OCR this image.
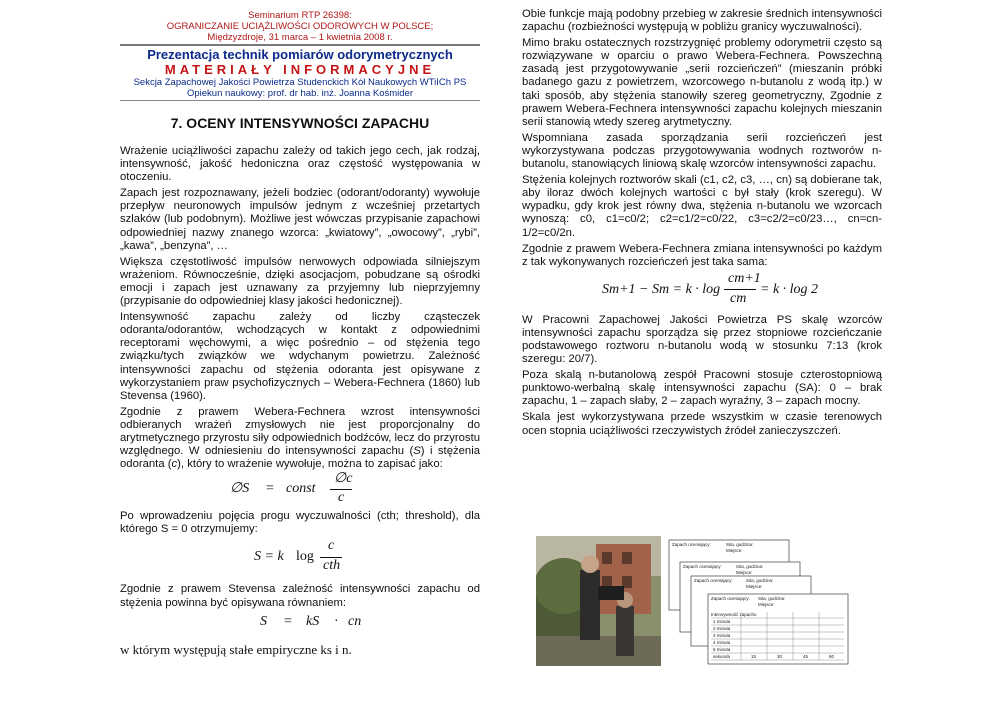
Seminarium RTP 26398:
OGRANICZANIE UCIĄŻLIWOŚCI ODOROWYCH W POLSCE;
Międzyzdroje, 31 marca – 1 kwietnia 2008 r.
Prezentacja technik pomiarów odorymetrycznych
MATERIAŁY INFORMACYJNE
Sekcja Zapachowej Jakości Powietrza Studenckich Kół Naukowych WTiICh PS
Opiekun naukowy: prof. dr hab. inż. Joanna Kośmider
7. OCENY INTENSYWNOŚCI ZAPACHU

Wrażenie uciążliwości zapachu zależy od takich jego cech, jak rodzaj, intensywność, jakość hedoniczna oraz częstość występowania w otoczeniu.

Zapach jest rozpoznawany, jeżeli bodziec (odorant/odoranty) wywołuje przepływ neuronowych impulsów jednym z wcześniej przetartych szlaków (lub podobnym). Możliwe jest wówczas przypisanie zapachowi odpowiedniej nazwy znanego wzorca: „kwiatowy”, „owocowy”, „rybi”, „kawa”, „benzyna”, …

Większa częstotliwość impulsów nerwowych odpowiada silniejszym wrażeniom. Równocześnie, dzięki asocjacjom, pobudzane są ośrodki emocji i zapach jest uznawany za przyjemny lub nieprzyjemny (przypisanie do odpowiedniej klasy jakości hedonicznej).

Intensywność zapachu zależy od liczby cząsteczek odoranta/odorantów, wchodzących w kontakt z odpowiednimi receptorami węchowymi, a więc pośrednio – od stężenia tego związku/tych związków we wdychanym powietrzu. Zależność intensywności zapachu od stężenia odoranta jest opisywane z wykorzystaniem praw psychofizycznych – Webera-Fechnera (1860) lub Stevensa (1960).

Zgodnie z prawem Webera-Fechnera wzrost intensywności odbieranych wrażeń zmysłowych nie jest proporcjonalny do arytmetycznego przyrostu siły odpowiednich bodźców, lecz do przyrostu względnego. W odniesieniu do intensywności zapachu (S) i stężenia odoranta (c), który to wrażenie wywołuje, można to zapisać jako:

∅S = const
∅c
c

Po wprowadzeniu pojęcia progu wyczuwalności (cth; threshold), dla którego S = 0 otrzymujemy:

S = k log
c
cth

Zgodnie z prawem Stevensa zależność intensywności zapachu od stężenia powinna być opisywana równaniem:

S = kS · cn
w którym występują stałe empiryczne ks i n.

Obie funkcje mają podobny przebieg w zakresie średnich intensywności zapachu (rozbieżności występują w pobliżu granicy wyczuwalności).

Mimo braku ostatecznych rozstrzygnięć problemy odorymetrii często są rozwiązywane w oparciu o prawo Webera-Fechnera. Powszechną zasadą jest przygotowywanie „serii rozcieńczeń” (mieszanin próbki badanego gazu z powietrzem, wzorcowego n-butanolu z wodą itp.) w taki sposób, aby stężenia stanowiły szereg geometryczny, Zgodnie z prawem Webera-Fechnera intensywności zapachu kolejnych mieszanin serii stanowią wtedy szereg arytmetyczny.

Wspomniana zasada sporządzania serii rozcieńczeń jest wykorzystywana podczas przygotowywania wodnych roztworów n-butanolu, stanowiących liniową skalę wzorców intensywności zapachu.

Stężenia kolejnych roztworów skali (c1, c2, c3, …, cn) są dobierane tak, aby iloraz dwóch kolejnych wartości c był stały (krok szeregu). W wypadku, gdy krok jest równy dwa, stężenia n-butanolu we wzorcach wynoszą: c0, c1=c0/2; c2=c1/2=c0/22, c3=c2/2=c0/23…, cn=cn-1/2=c0/2n.

Zgodnie z prawem Webera-Fechnera zmiana intensywności po każdym z tak wykonywanych rozcieńczeń jest taka sama:

Sm+1 − Sm = k · log
cm+1
cm
= k · log 2

W Pracowni Zapachowej Jakości Powietrza PS skalę wzorców intensywności zapachu sporządza się przez stopniowe rozcieńczanie podstawowego roztworu n-butanolu wodą w stosunku 7:13 (krok szeregu: 20/7).

Poza skalą n-butanolową zespół Pracowni stosuje czterostopniową punktowo-werbalną skalę intensywności zapachu (SA): 0 – brak zapachu, 1 – zapach słaby, 2 – zapach wyraźny, 3 – zapach mocny.

Skala jest wykorzystywana przede wszystkim w czasie terenowych ocen stopnia uciążliwości rzeczywistych źródeł zanieczyszczeń.

Zapach oceniający:	Sita, godzina:
Miejsce:
Zapach oceniający:	Sita, godzina:
Miejsce:
Zapach oceniający:	Sita, godzina:
Miejsce:
Zapach oceniający: Sita, godzina:
Miejsce:
Intensywność zapachu
1 minuta
2 minuta
3 minuta
4 minuta
5 minuta
sekunda	15	30	45	60
